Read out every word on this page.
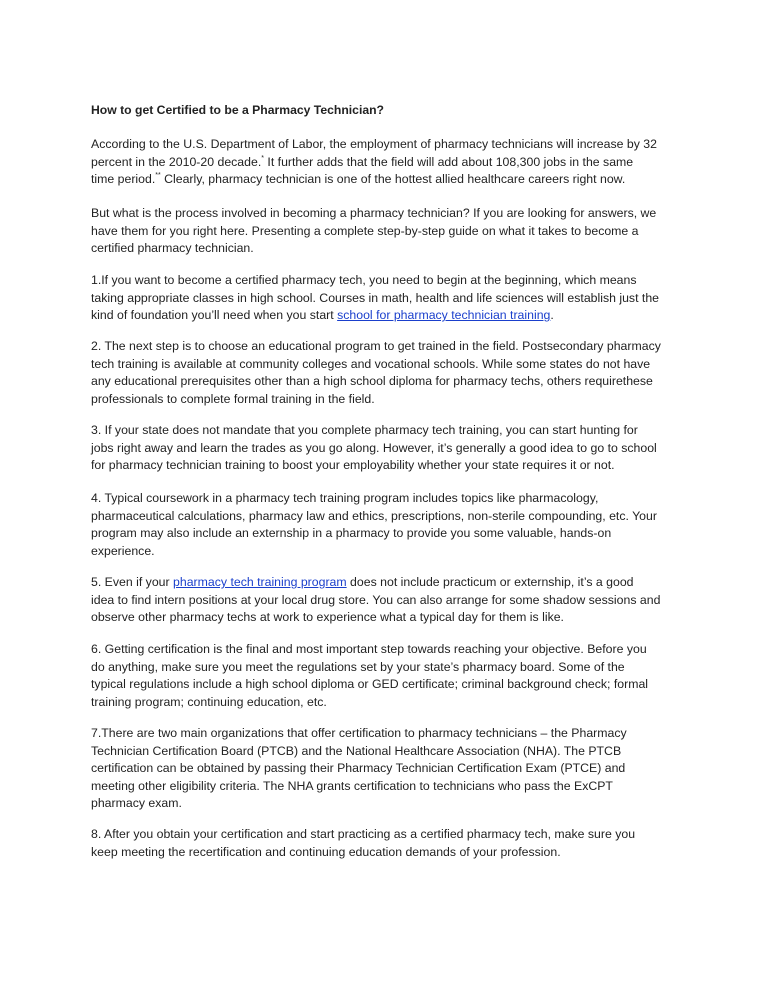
How to get Certified to be a Pharmacy Technician?
According to the U.S. Department of Labor, the employment of pharmacy technicians will increase by 32
percent in the 2010-20 decade.* It further adds that the field will add about 108,300 jobs in the same
time period.** Clearly, pharmacy technician is one of the hottest allied healthcare careers right now.
But what is the process involved in becoming a pharmacy technician? If you are looking for answers, we
have them for you right here. Presenting a complete step-by-step guide on what it takes to become a
certified pharmacy technician.
1.If you want to become a certified pharmacy tech, you need to begin at the beginning, which means
taking appropriate classes in high school. Courses in math, health and life sciences will establish just the
kind of foundation you’ll need when you start school for pharmacy technician training.
2. The next step is to choose an educational program to get trained in the field. Postsecondary pharmacy
tech training is available at community colleges and vocational schools. While some states do not have
any educational prerequisites other than a high school diploma for pharmacy techs, others requirethese
professionals to complete formal training in the field.
3. If your state does not mandate that you complete pharmacy tech training, you can start hunting for
jobs right away and learn the trades as you go along. However, it’s generally a good idea to go to school
for pharmacy technician training to boost your employability whether your state requires it or not.
4. Typical coursework in a pharmacy tech training program includes topics like pharmacology,
pharmaceutical calculations, pharmacy law and ethics, prescriptions, non-sterile compounding, etc. Your
program may also include an externship in a pharmacy to provide you some valuable, hands-on
experience.
5. Even if your pharmacy tech training program does not include practicum or externship, it’s a good
idea to find intern positions at your local drug store. You can also arrange for some shadow sessions and
observe other pharmacy techs at work to experience what a typical day for them is like.
6. Getting certification is the final and most important step towards reaching your objective. Before you
do anything, make sure you meet the regulations set by your state’s pharmacy board. Some of the
typical regulations include a high school diploma or GED certificate; criminal background check; formal
training program; continuing education, etc.
7.There are two main organizations that offer certification to pharmacy technicians – the Pharmacy
Technician Certification Board (PTCB) and the National Healthcare Association (NHA). The PTCB
certification can be obtained by passing their Pharmacy Technician Certification Exam (PTCE) and
meeting other eligibility criteria. The NHA grants certification to technicians who pass the ExCPT
pharmacy exam.
8. After you obtain your certification and start practicing as a certified pharmacy tech, make sure you
keep meeting the recertification and continuing education demands of your profession.
